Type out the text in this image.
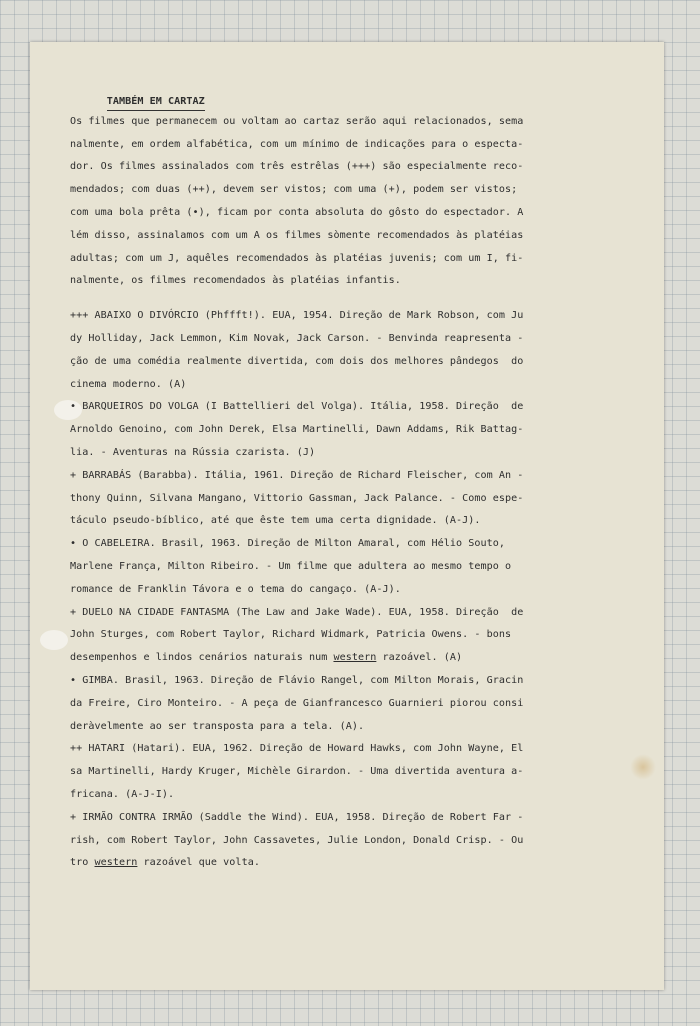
TAMBÉM EM CARTAZ

Os filmes que permanecem ou voltam ao cartaz serão aqui relacionados, sema
nalmente, em ordem alfabética, com um mínimo de indicações para o especta-
dor. Os filmes assinalados com três estrêlas (+++) são especialmente reco-
mendados; com duas (++), devem ser vistos; com uma (+), podem ser vistos;
com uma bola prêta (•), ficam por conta absoluta do gôsto do espectador. A
lém disso, assinalamos com um A os filmes sòmente recomendados às platéias
adultas; com um J, aquêles recomendados às platéias juvenis; com um I, fi-
nalmente, os filmes recomendados às platéias infantis.
+++ ABAIXO O DIVÓRCIO (Phffft!). EUA, 1954. Direção de Mark Robson, com Ju
dy Holliday, Jack Lemmon, Kim Novak, Jack Carson. - Benvinda reapresenta -
ção de uma comédia realmente divertida, com dois dos melhores pândegos  do
cinema moderno. (A)
• BARQUEIROS DO VOLGA (I Battellieri del Volga). Itália, 1958. Direção  de
Arnoldo Genoino, com John Derek, Elsa Martinelli, Dawn Addams, Rik Battag-
lia. - Aventuras na Rússia czarista. (J)
+ BARRABÁS (Barabba). Itália, 1961. Direção de Richard Fleischer, com An -
thony Quinn, Silvana Mangano, Vittorio Gassman, Jack Palance. - Como espe-
táculo pseudo-bíblico, até que êste tem uma certa dignidade. (A-J).
• O CABELEIRA. Brasil, 1963. Direção de Milton Amaral, com Hélio Souto,
Marlene França, Milton Ribeiro. - Um filme que adultera ao mesmo tempo o
romance de Franklin Távora e o tema do cangaço. (A-J).
+ DUELO NA CIDADE FANTASMA (The Law and Jake Wade). EUA, 1958. Direção  de
John Sturges, com Robert Taylor, Richard Widmark, Patricia Owens. - bons
desempenhos e lindos cenários naturais num western razoável. (A)
• GIMBA. Brasil, 1963. Direção de Flávio Rangel, com Milton Morais, Gracin
da Freire, Ciro Monteiro. - A peça de Gianfrancesco Guarnieri piorou consi
deràvelmente ao ser transposta para a tela. (A).
++ HATARI (Hatari). EUA, 1962. Direção de Howard Hawks, com John Wayne, El
sa Martinelli, Hardy Kruger, Michèle Girardon. - Uma divertida aventura a-
fricana. (A-J-I).
+ IRMÃO CONTRA IRMÃO (Saddle the Wind). EUA, 1958. Direção de Robert Far -
rish, com Robert Taylor, John Cassavetes, Julie London, Donald Crisp. - Ou
tro western razoável que volta.
